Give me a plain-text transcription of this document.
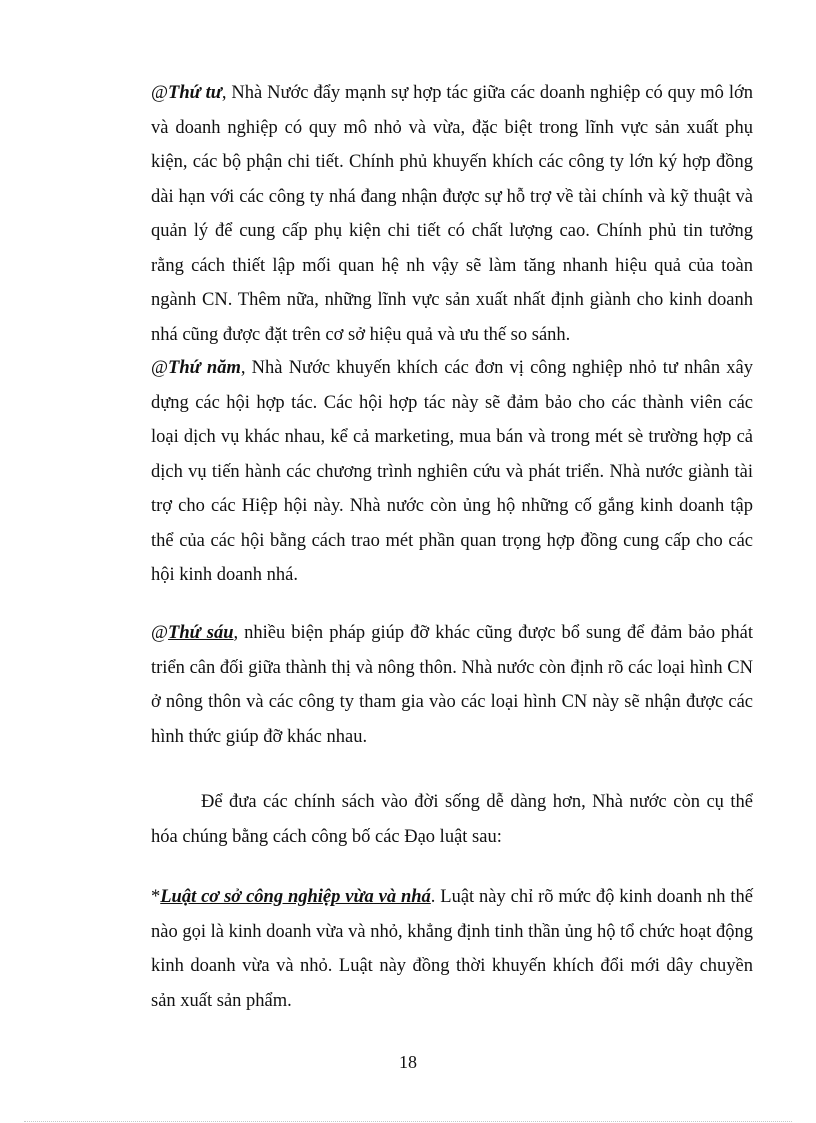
@Thứ tư, Nhà Nước đẩy mạnh sự hợp tác giữa các doanh nghiệp có quy mô lớn và doanh nghiệp có quy mô nhỏ và vừa, đặc biệt trong lĩnh vực sản xuất phụ kiện, các bộ phận chi tiết. Chính phủ khuyến khích các công ty lớn ký hợp đồng dài hạn với các công ty nhá đang nhận được sự hỗ trợ về tài chính và kỹ thuật và quản lý để cung cấp phụ kiện chi tiết có chất lượng cao. Chính phủ tin tưởng rằng cách thiết lập mối quan hệ nh vậy sẽ làm tăng nhanh hiệu quả của toàn ngành CN. Thêm nữa, những lĩnh vực sản xuất nhất định giành cho kinh doanh nhá cũng được đặt trên cơ sở hiệu quả và ưu thế so sánh.

@Thứ năm, Nhà Nước khuyến khích các đơn vị công nghiệp nhỏ tư nhân xây dựng các hội hợp tác. Các hội hợp tác này sẽ đảm bảo cho các thành viên các loại dịch vụ khác nhau, kể cả marketing, mua bán và trong mét sè trường hợp cả dịch vụ tiến hành các chương trình nghiên cứu và phát triển. Nhà nước giành tài trợ cho các Hiệp hội này. Nhà nước còn ủng hộ những cố gắng kinh doanh tập thể của các hội bằng cách trao mét phần quan trọng hợp đồng cung cấp cho các hội kinh doanh nhá.

@Thứ sáu, nhiều biện pháp giúp đỡ khác cũng được bổ sung để đảm bảo phát triển cân đối giữa thành thị và nông thôn. Nhà nước còn định rõ các loại hình CN ở nông thôn và các công ty tham gia vào các loại hình CN này sẽ nhận được các hình thức giúp đỡ khác nhau.

Để đưa các chính sách vào đời sống dễ dàng hơn, Nhà nước còn cụ thể hóa chúng bằng cách công bố các Đạo luật sau:

*Luật cơ sở công nghiệp vừa và nhá. Luật này chỉ rõ mức độ kinh doanh nh thế nào gọi là kinh doanh vừa và nhỏ, khẳng định tinh thần ủng hộ tổ chức hoạt động kinh doanh vừa và nhỏ. Luật này đồng thời khuyến khích đổi mới dây chuyền sản xuất sản phẩm.

18
